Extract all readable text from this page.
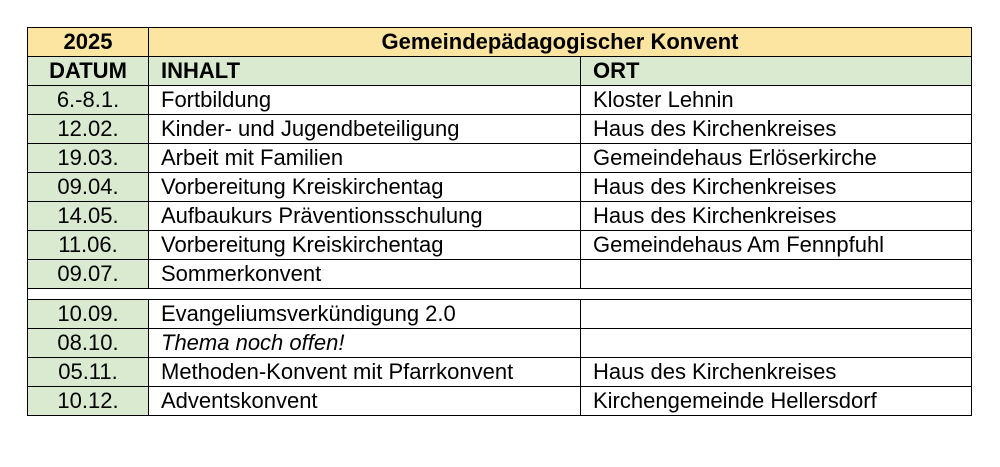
2025	Gemeindepädagogischer Konvent	
DATUM	INHALT	ORT
6.-8.1.	Fortbildung	Kloster Lehnin
12.02.	Kinder- und Jugendbeteiligung	Haus des Kirchenkreises
19.03.	Arbeit mit Familien	Gemeindehaus Erlöserkirche
09.04.	Vorbereitung Kreiskirchentag	Haus des Kirchenkreises
14.05.	Aufbaukurs Präventionsschulung	Haus des Kirchenkreises
11.06.	Vorbereitung Kreiskirchentag	Gemeindehaus Am Fennpfuhl
09.07.	Sommerkonvent	

10.09.	Evangeliumsverkündigung 2.0	
08.10.	Thema noch offen!	
05.11.	Methoden-Konvent mit Pfarrkonvent	Haus des Kirchenkreises
10.12.	Adventskonvent	Kirchengemeinde Hellersdorf
